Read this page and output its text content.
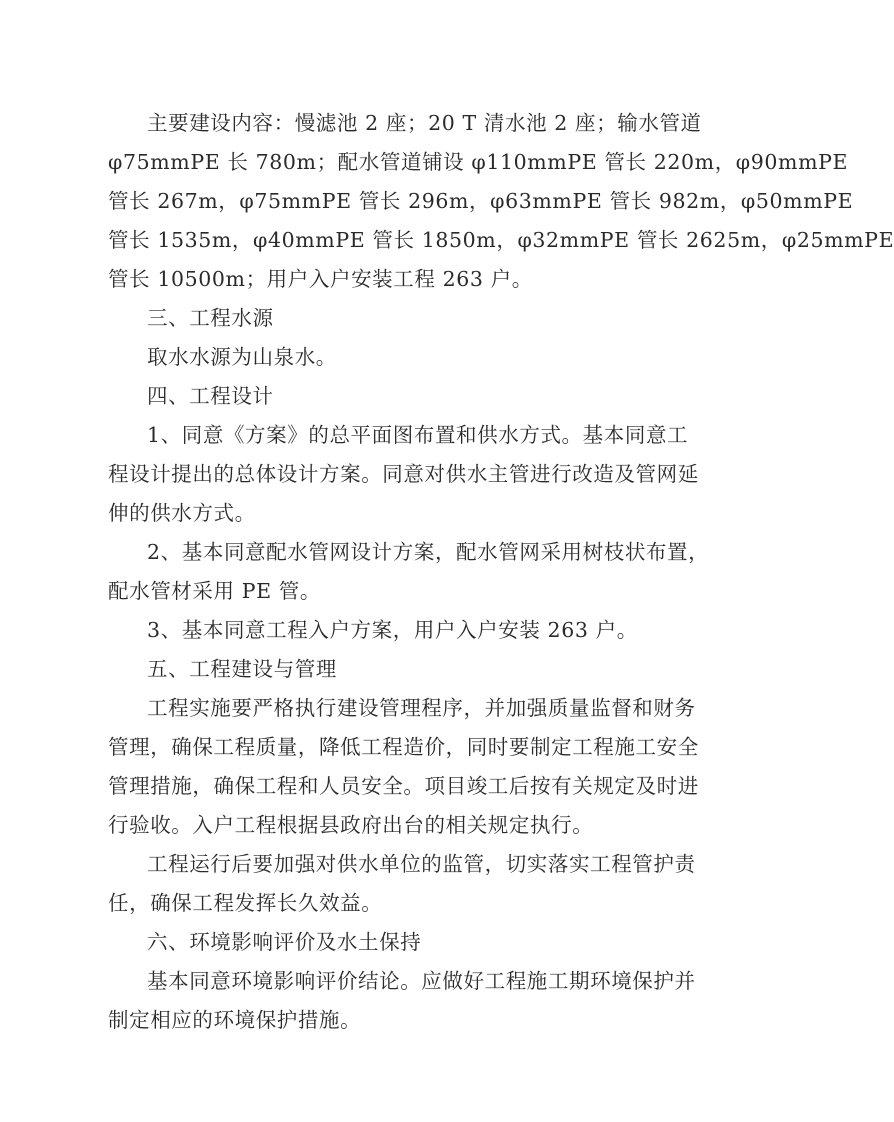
主要建设内容：慢滤池 2 座；20 T 清水池 2 座；输水管道
φ75mmPE 长 780m；配水管道铺设 φ110mmPE 管长 220m，φ90mmPE
管长 267m，φ75mmPE 管长 296m，φ63mmPE 管长 982m，φ50mmPE
管长 1535m，φ40mmPE 管长 1850m，φ32mmPE 管长 2625m，φ25mmPE
管长 10500m；用户入户安装工程 263 户。
三、工程水源
取水水源为山泉水。
四、工程设计
1、同意《方案》的总平面图布置和供水方式。基本同意工
程设计提出的总体设计方案。同意对供水主管进行改造及管网延
伸的供水方式。
2、基本同意配水管网设计方案，配水管网采用树枝状布置，
配水管材采用 PE 管。
3、基本同意工程入户方案，用户入户安装 263 户。
五、工程建设与管理
工程实施要严格执行建设管理程序，并加强质量监督和财务
管理，确保工程质量，降低工程造价，同时要制定工程施工安全
管理措施，确保工程和人员安全。项目竣工后按有关规定及时进
行验收。入户工程根据县政府出台的相关规定执行。
工程运行后要加强对供水单位的监管，切实落实工程管护责
任，确保工程发挥长久效益。
六、环境影响评价及水土保持
基本同意环境影响评价结论。应做好工程施工期环境保护并
制定相应的环境保护措施。
